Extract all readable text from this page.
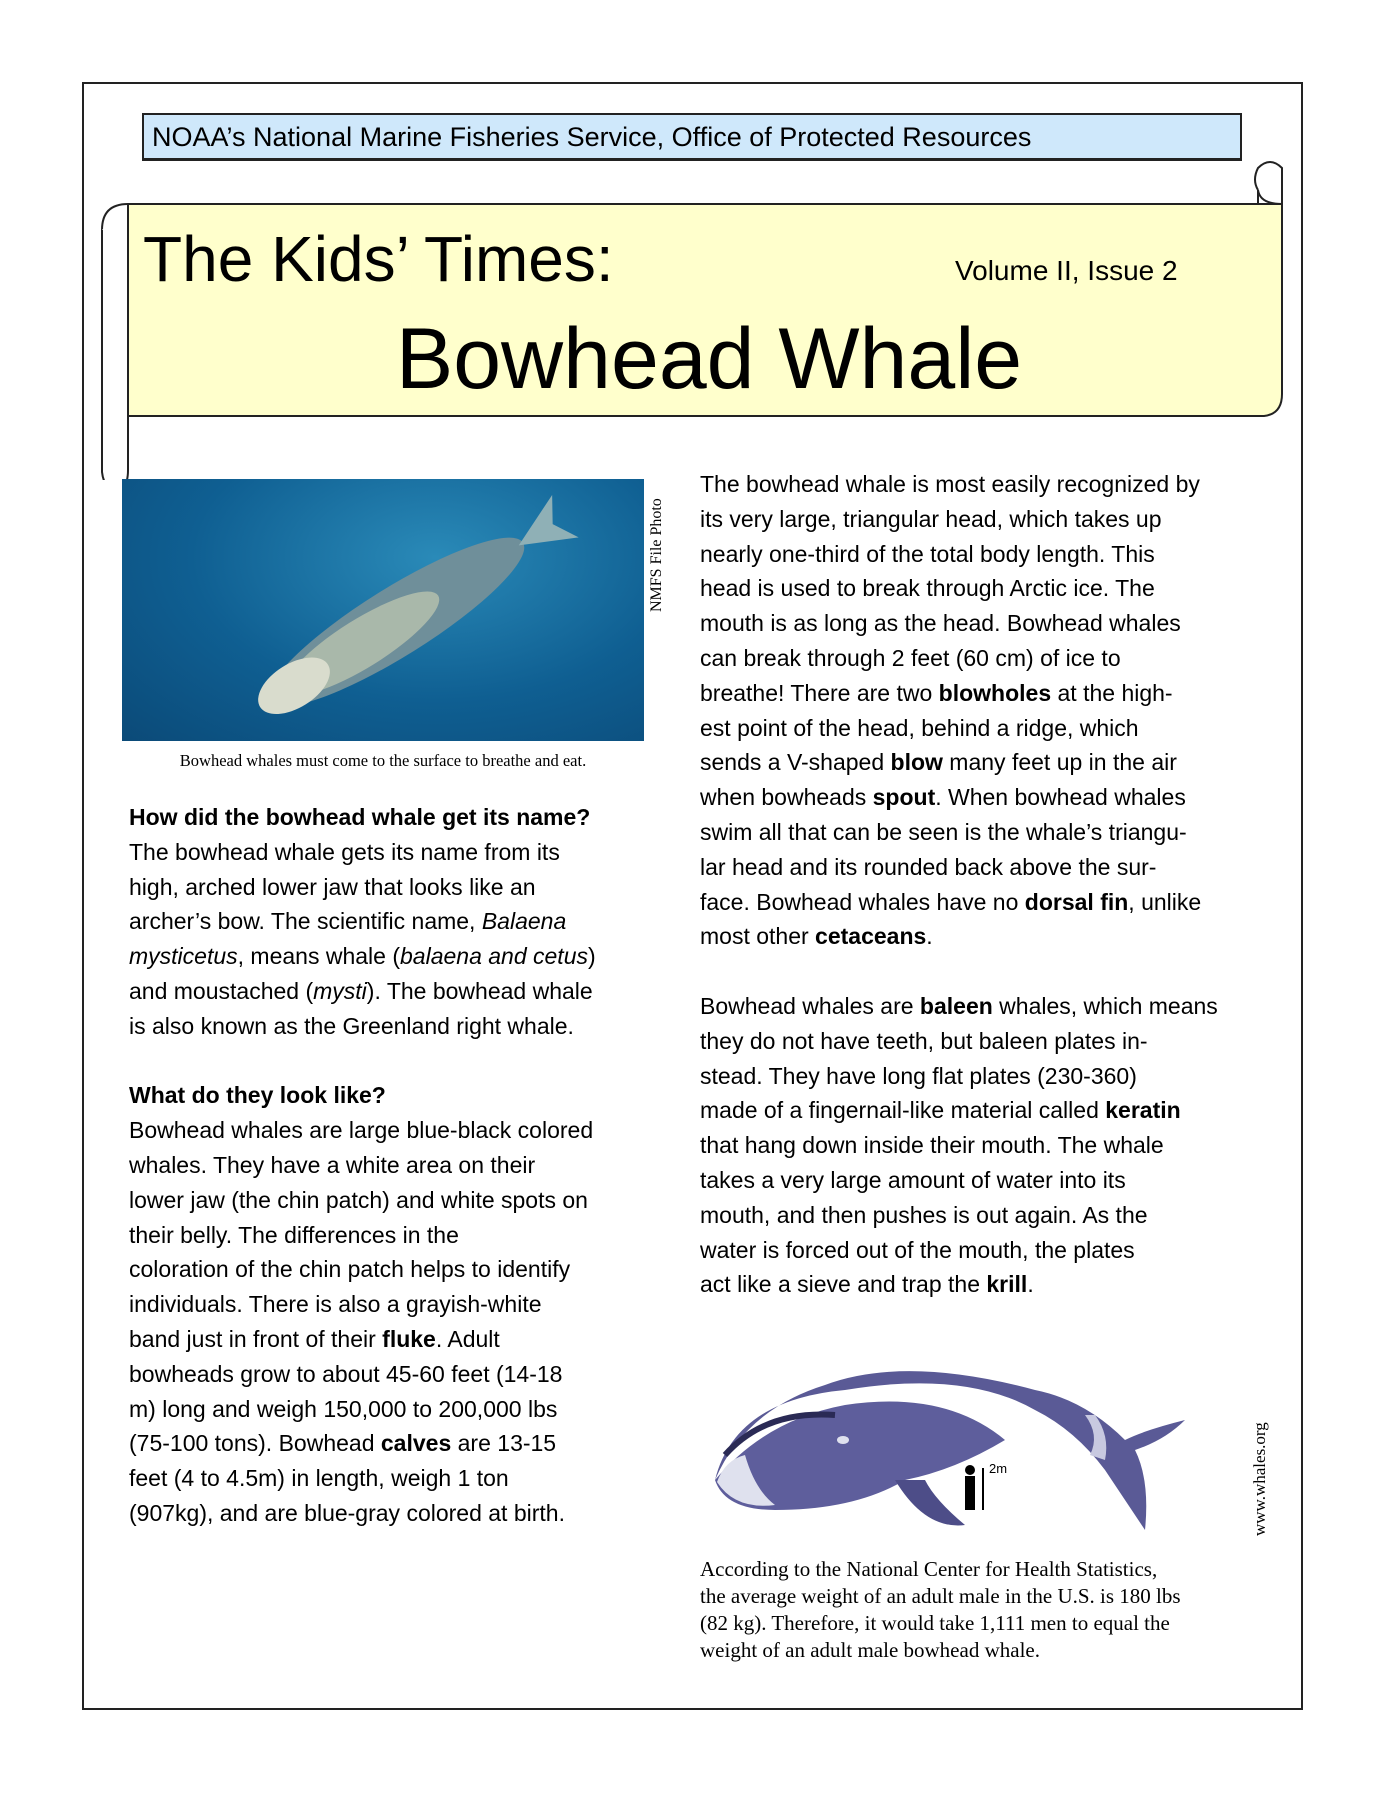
NOAA’s National Marine Fisheries Service, Office of Protected Resources
The Kids’ Times:	Volume II, Issue 2
Bowhead Whale
NMFS File Photo
Bowhead whales must come to the surface to breathe and eat.
How did the bowhead whale get its name?
The bowhead whale gets its name from its
high, arched lower jaw that looks like an
archer’s bow. The scientific name, Balaena
mysticetus, means whale (balaena and cetus)
and moustached (mysti). The bowhead whale
is also known as the Greenland right whale.
What do they look like?
Bowhead whales are large blue-black colored
whales. They have a white area on their
lower jaw (the chin patch) and white spots on
their belly. The differences in the
coloration of the chin patch helps to identify
individuals. There is also a grayish-white
band just in front of their fluke. Adult
bowheads grow to about 45-60 feet (14-18
m) long and weigh 150,000 to 200,000 lbs
(75-100 tons). Bowhead calves are 13-15
feet (4 to 4.5m) in length, weigh 1 ton
(907kg), and are blue-gray colored at birth.
The bowhead whale is most easily recognized by
its very large, triangular head, which takes up
nearly one-third of the total body length. This
head is used to break through Arctic ice. The
mouth is as long as the head. Bowhead whales
can break through 2 feet (60 cm) of ice to
breathe! There are two blowholes at the high-
est point of the head, behind a ridge, which
sends a V-shaped blow many feet up in the air
when bowheads spout. When bowhead whales
swim all that can be seen is the whale’s triangu-
lar head and its rounded back above the sur-
face. Bowhead whales have no dorsal fin, unlike
most other cetaceans.
Bowhead whales are baleen whales, which means
they do not have teeth, but baleen plates in-
stead. They have long flat plates (230-360)
made of a fingernail-like material called keratin
that hang down inside their mouth. The whale
takes a very large amount of water into its
mouth, and then pushes is out again. As the
water is forced out of the mouth, the plates
act like a sieve and trap the krill.
2m	www.whales.org
According to the National Center for Health Statistics,
the average weight of an adult male in the U.S. is 180 lbs
(82 kg). Therefore, it would take 1,111 men to equal the
weight of an adult male bowhead whale.
